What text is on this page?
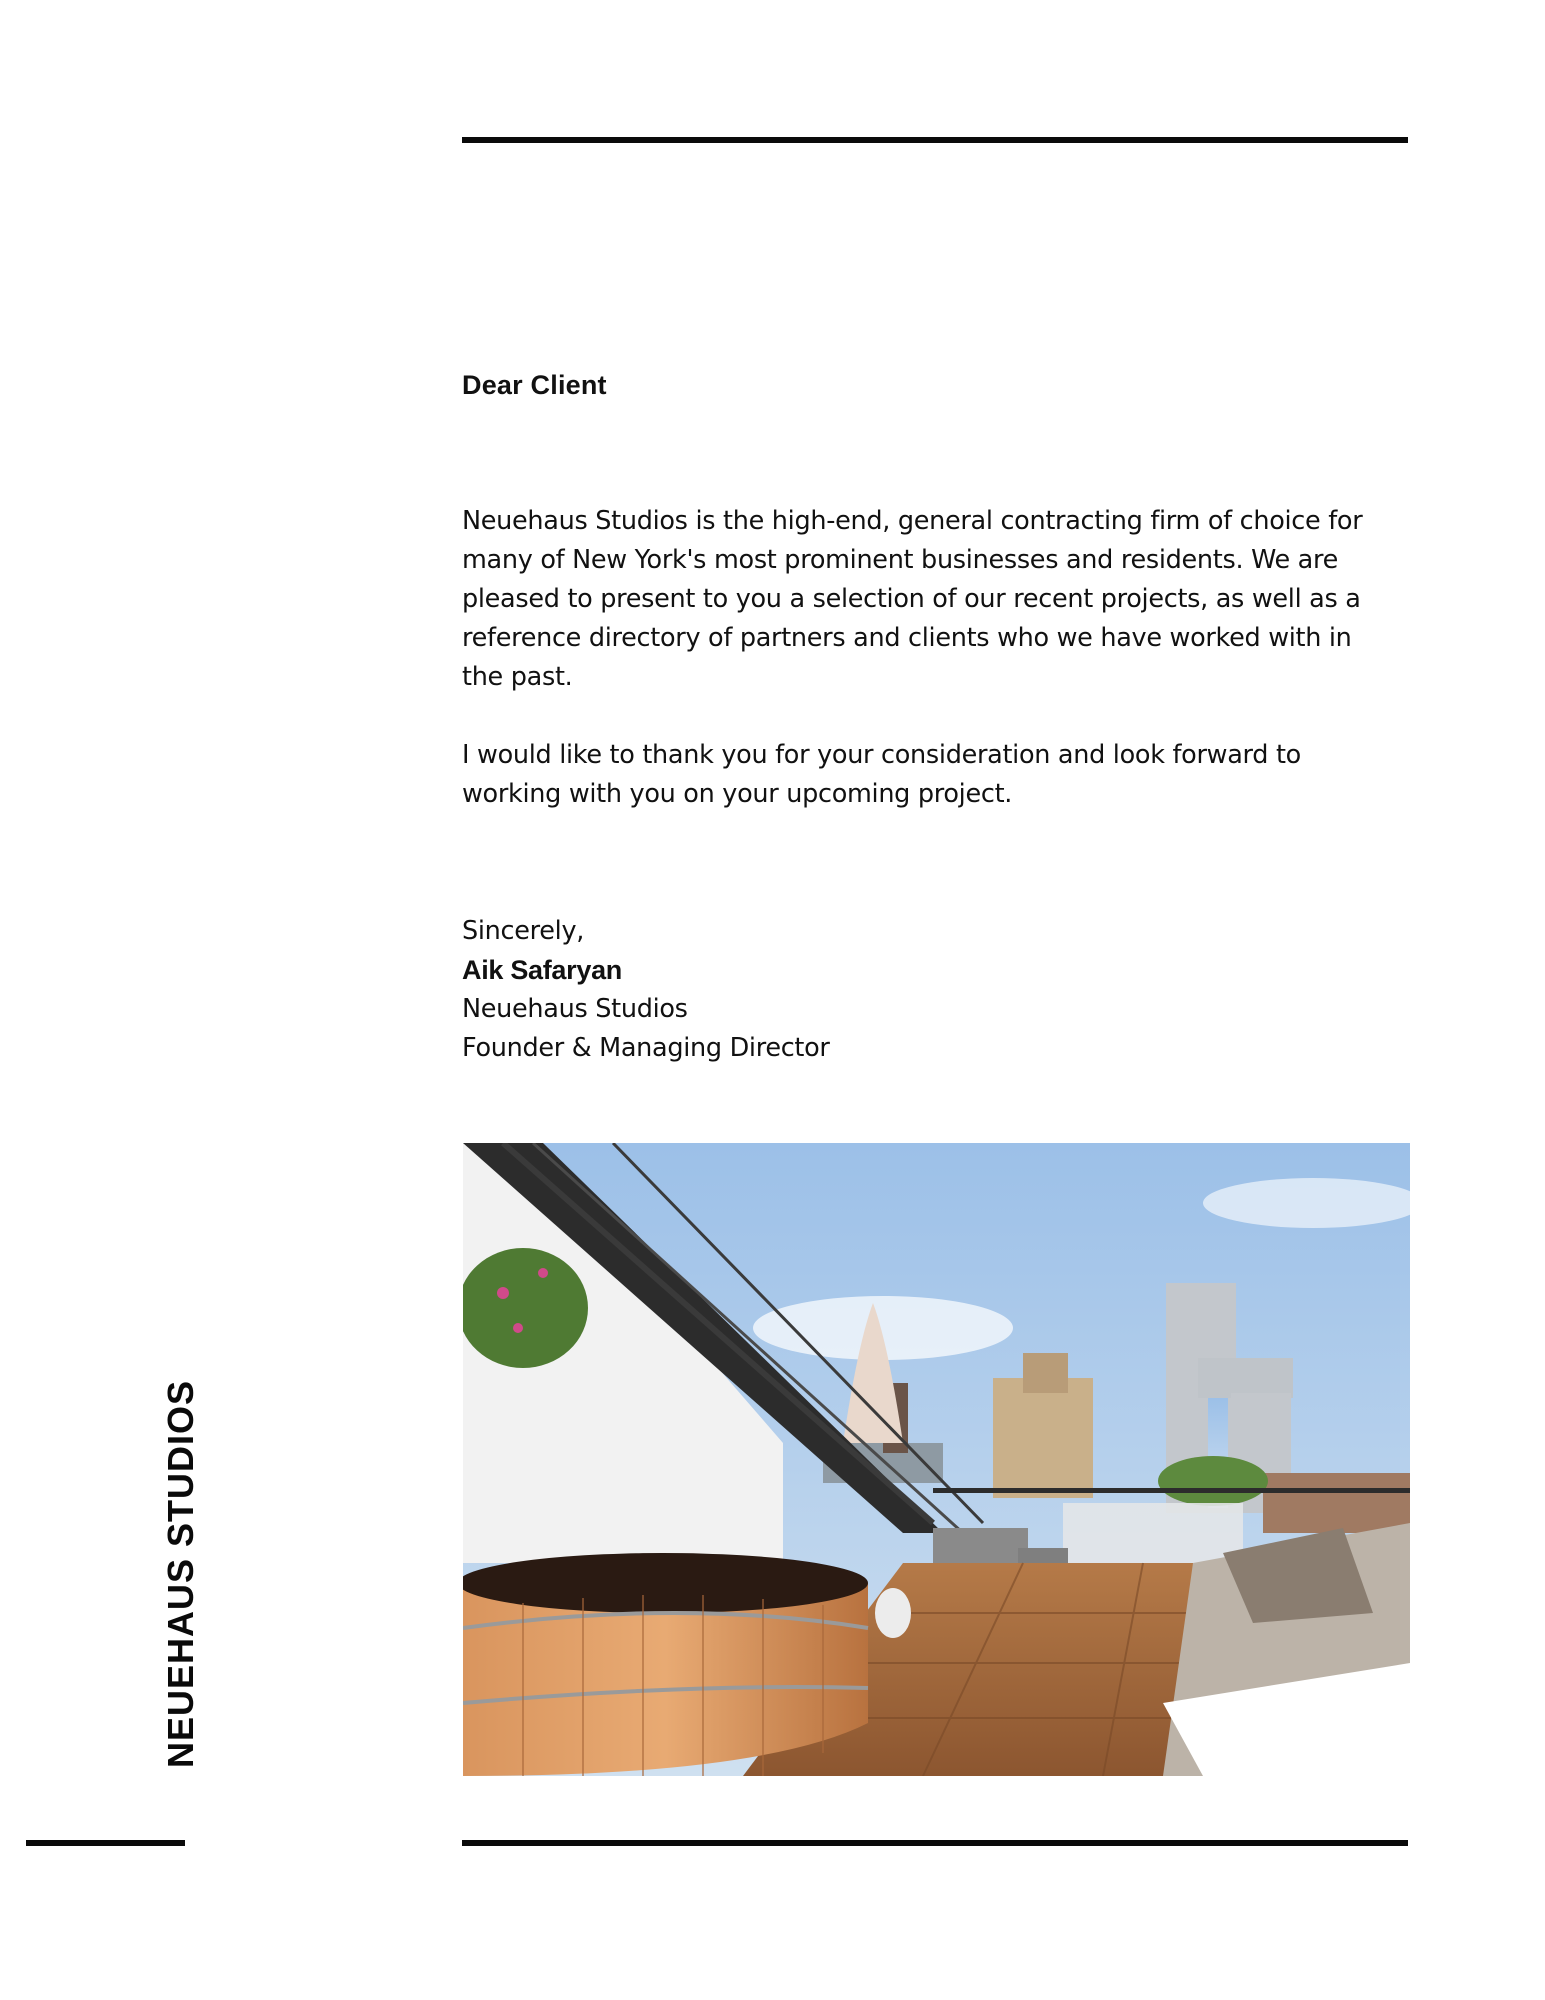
Dear Client
Neuehaus Studios is the high-end, general contracting firm of choice for many of New York's most prominent businesses and residents. We are pleased to present to you a selection of our recent projects, as well as a reference directory of partners and clients who we have worked with in the past.
I would like to thank you for your consideration and look forward to working with you on your upcoming project.
Sincerely,
Aik Safaryan
Neuehaus Studios
Founder & Managing Director
NEUEHAUS STUDIOS
